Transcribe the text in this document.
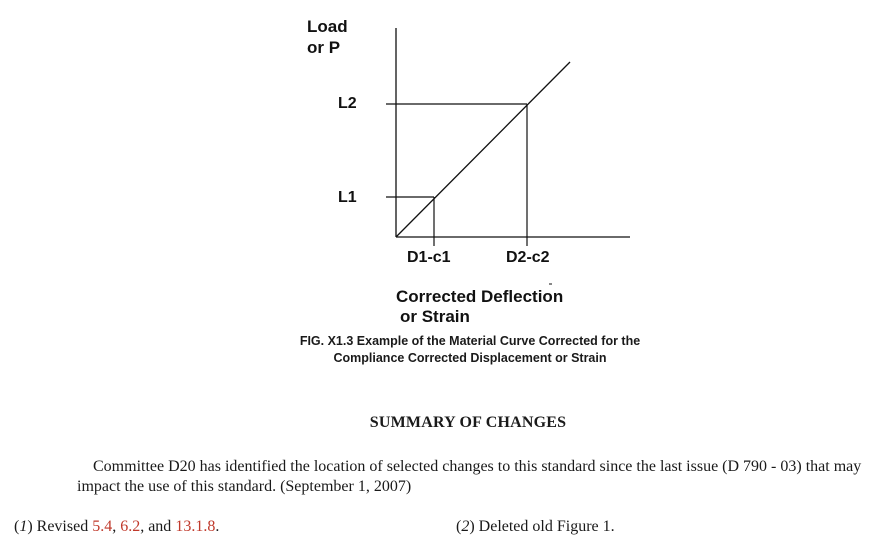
Load
or P
L2
L1
D1-c1	D2-c2
Corrected Deflection
or Strain
FIG. X1.3 Example of the Material Curve Corrected for the
Compliance Corrected Displacement or Strain
SUMMARY OF CHANGES
Committee D20 has identified the location of selected changes to this standard since the last issue (D 790 - 03) that may impact the use of this standard. (September 1, 2007)
(1) Revised 5.4, 6.2, and 13.1.8.	(2) Deleted old Figure 1.
